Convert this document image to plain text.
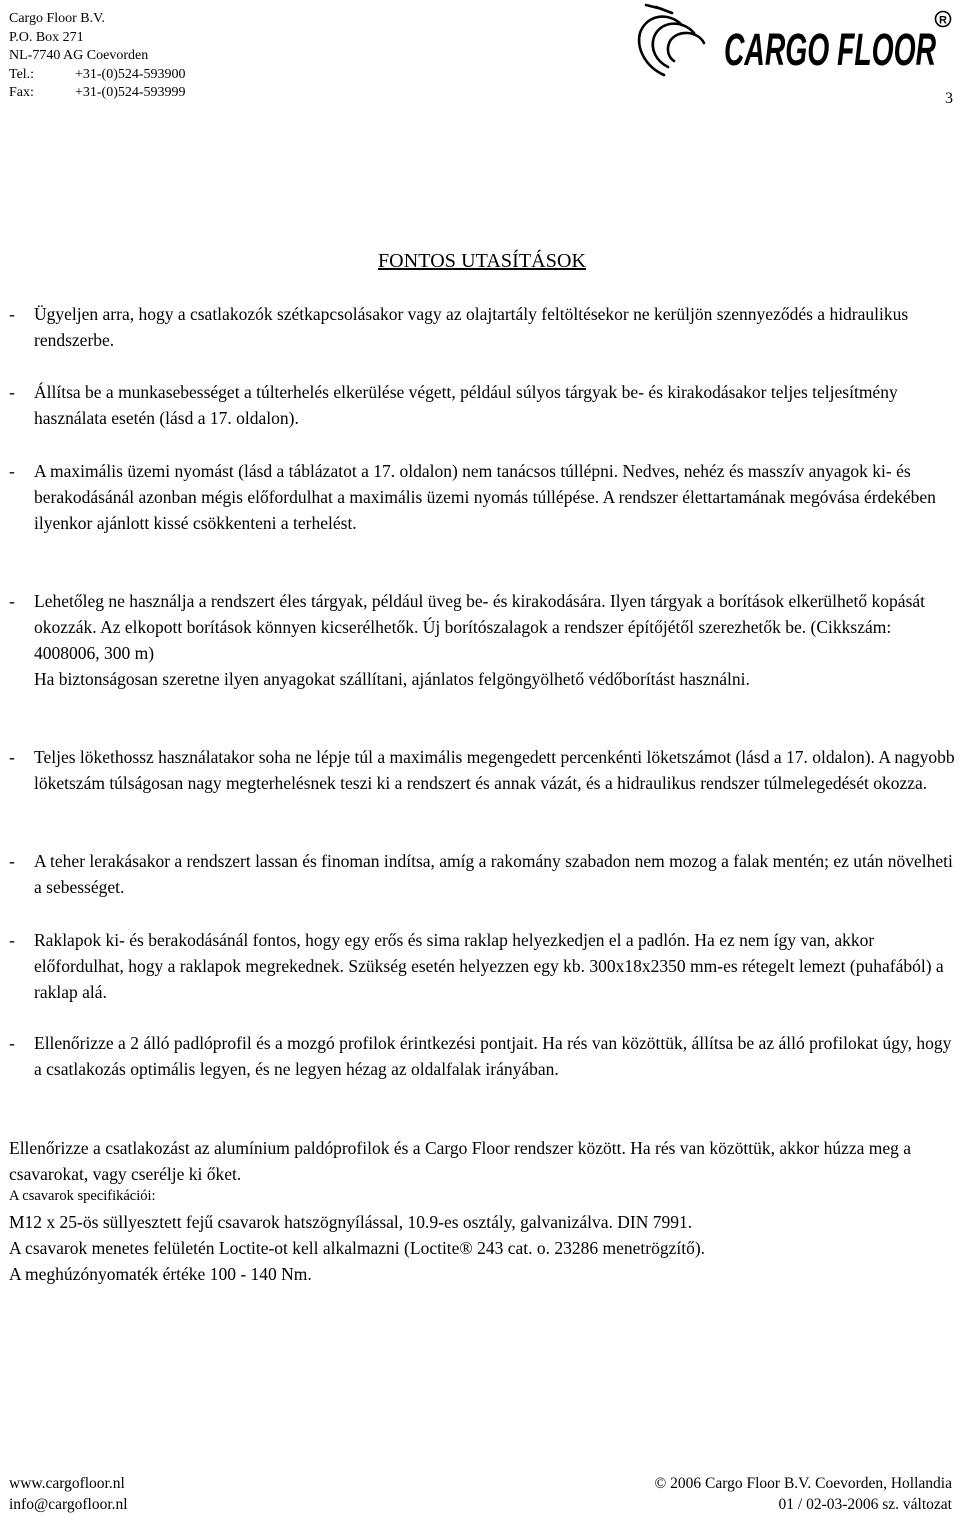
Cargo Floor B.V.
P.O. Box 271
NL-7740 AG Coevorden
Tel.:	+31-(0)524-593900
Fax:	+31-(0)524-593999
CARGO FLOOR
R
3
FONTOS UTASÍTÁSOK
- Ügyeljen arra, hogy a csatlakozók szétkapcsolásakor vagy az olajtartály feltöltésekor ne kerüljön szennyeződés a hidraulikus rendszerbe.
- Állítsa be a munkasebességet a túlterhelés elkerülése végett, például súlyos tárgyak be- és kirakodásakor teljes teljesítmény használata esetén (lásd a 17. oldalon).
- A maximális üzemi nyomást (lásd a táblázatot a 17. oldalon) nem tanácsos túllépni. Nedves, nehéz és masszív anyagok ki- és berakodásánál azonban mégis előfordulhat a maximális üzemi nyomás túllépése. A rendszer élettartamának megóvása érdekében ilyenkor ajánlott kissé csökkenteni a terhelést.
- Lehetőleg ne használja a rendszert éles tárgyak, például üveg be- és kirakodására. Ilyen tárgyak a borítások elkerülhető kopását okozzák. Az elkopott borítások könnyen kicserélhetők. Új borítószalagok a rendszer építőjétől szerezhetők be. (Cikkszám: 4008006, 300 m)
Ha biztonságosan szeretne ilyen anyagokat szállítani, ajánlatos felgöngyölhető védőborítást használni.
- Teljes lökethossz használatakor soha ne lépje túl a maximális megengedett percenkénti löketszámot (lásd a 17. oldalon). A nagyobb löketszám túlságosan nagy megterhelésnek teszi ki a rendszert és annak vázát, és a hidraulikus rendszer túlmelegedését okozza.
- A teher lerakásakor a rendszert lassan és finoman indítsa, amíg a rakomány szabadon nem mozog a falak mentén; ez után növelheti a sebességet.
- Raklapok ki- és berakodásánál fontos, hogy egy erős és sima raklap helyezkedjen el a padlón. Ha ez nem így van, akkor előfordulhat, hogy a raklapok megrekednek. Szükség esetén helyezzen egy kb. 300x18x2350 mm-es rétegelt lemezt (puhafából) a raklap alá.
- Ellenőrizze a 2 álló padlóprofil és a mozgó profilok érintkezési pontjait. Ha rés van közöttük, állítsa be az álló profilokat úgy, hogy a csatlakozás optimális legyen, és ne legyen hézag az oldalfalak irányában.
Ellenőrizze a csatlakozást az alumínium paldóprofilok és a Cargo Floor rendszer között. Ha rés van közöttük, akkor húzza meg a csavarokat, vagy cserélje ki őket.
A csavarok specifikációi:
M12 x 25-ös süllyesztett fejű csavarok hatszögnyílással, 10.9-es osztály, galvanizálva. DIN 7991.
A csavarok menetes felületén Loctite-ot kell alkalmazni (Loctite® 243 cat. o. 23286 menetrögzítő).
A meghúzónyomaték értéke 100 - 140 Nm.
www.cargofloor.nl
info@cargofloor.nl
© 2006 Cargo Floor B.V. Coevorden, Hollandia
01 / 02-03-2006 sz. változat
